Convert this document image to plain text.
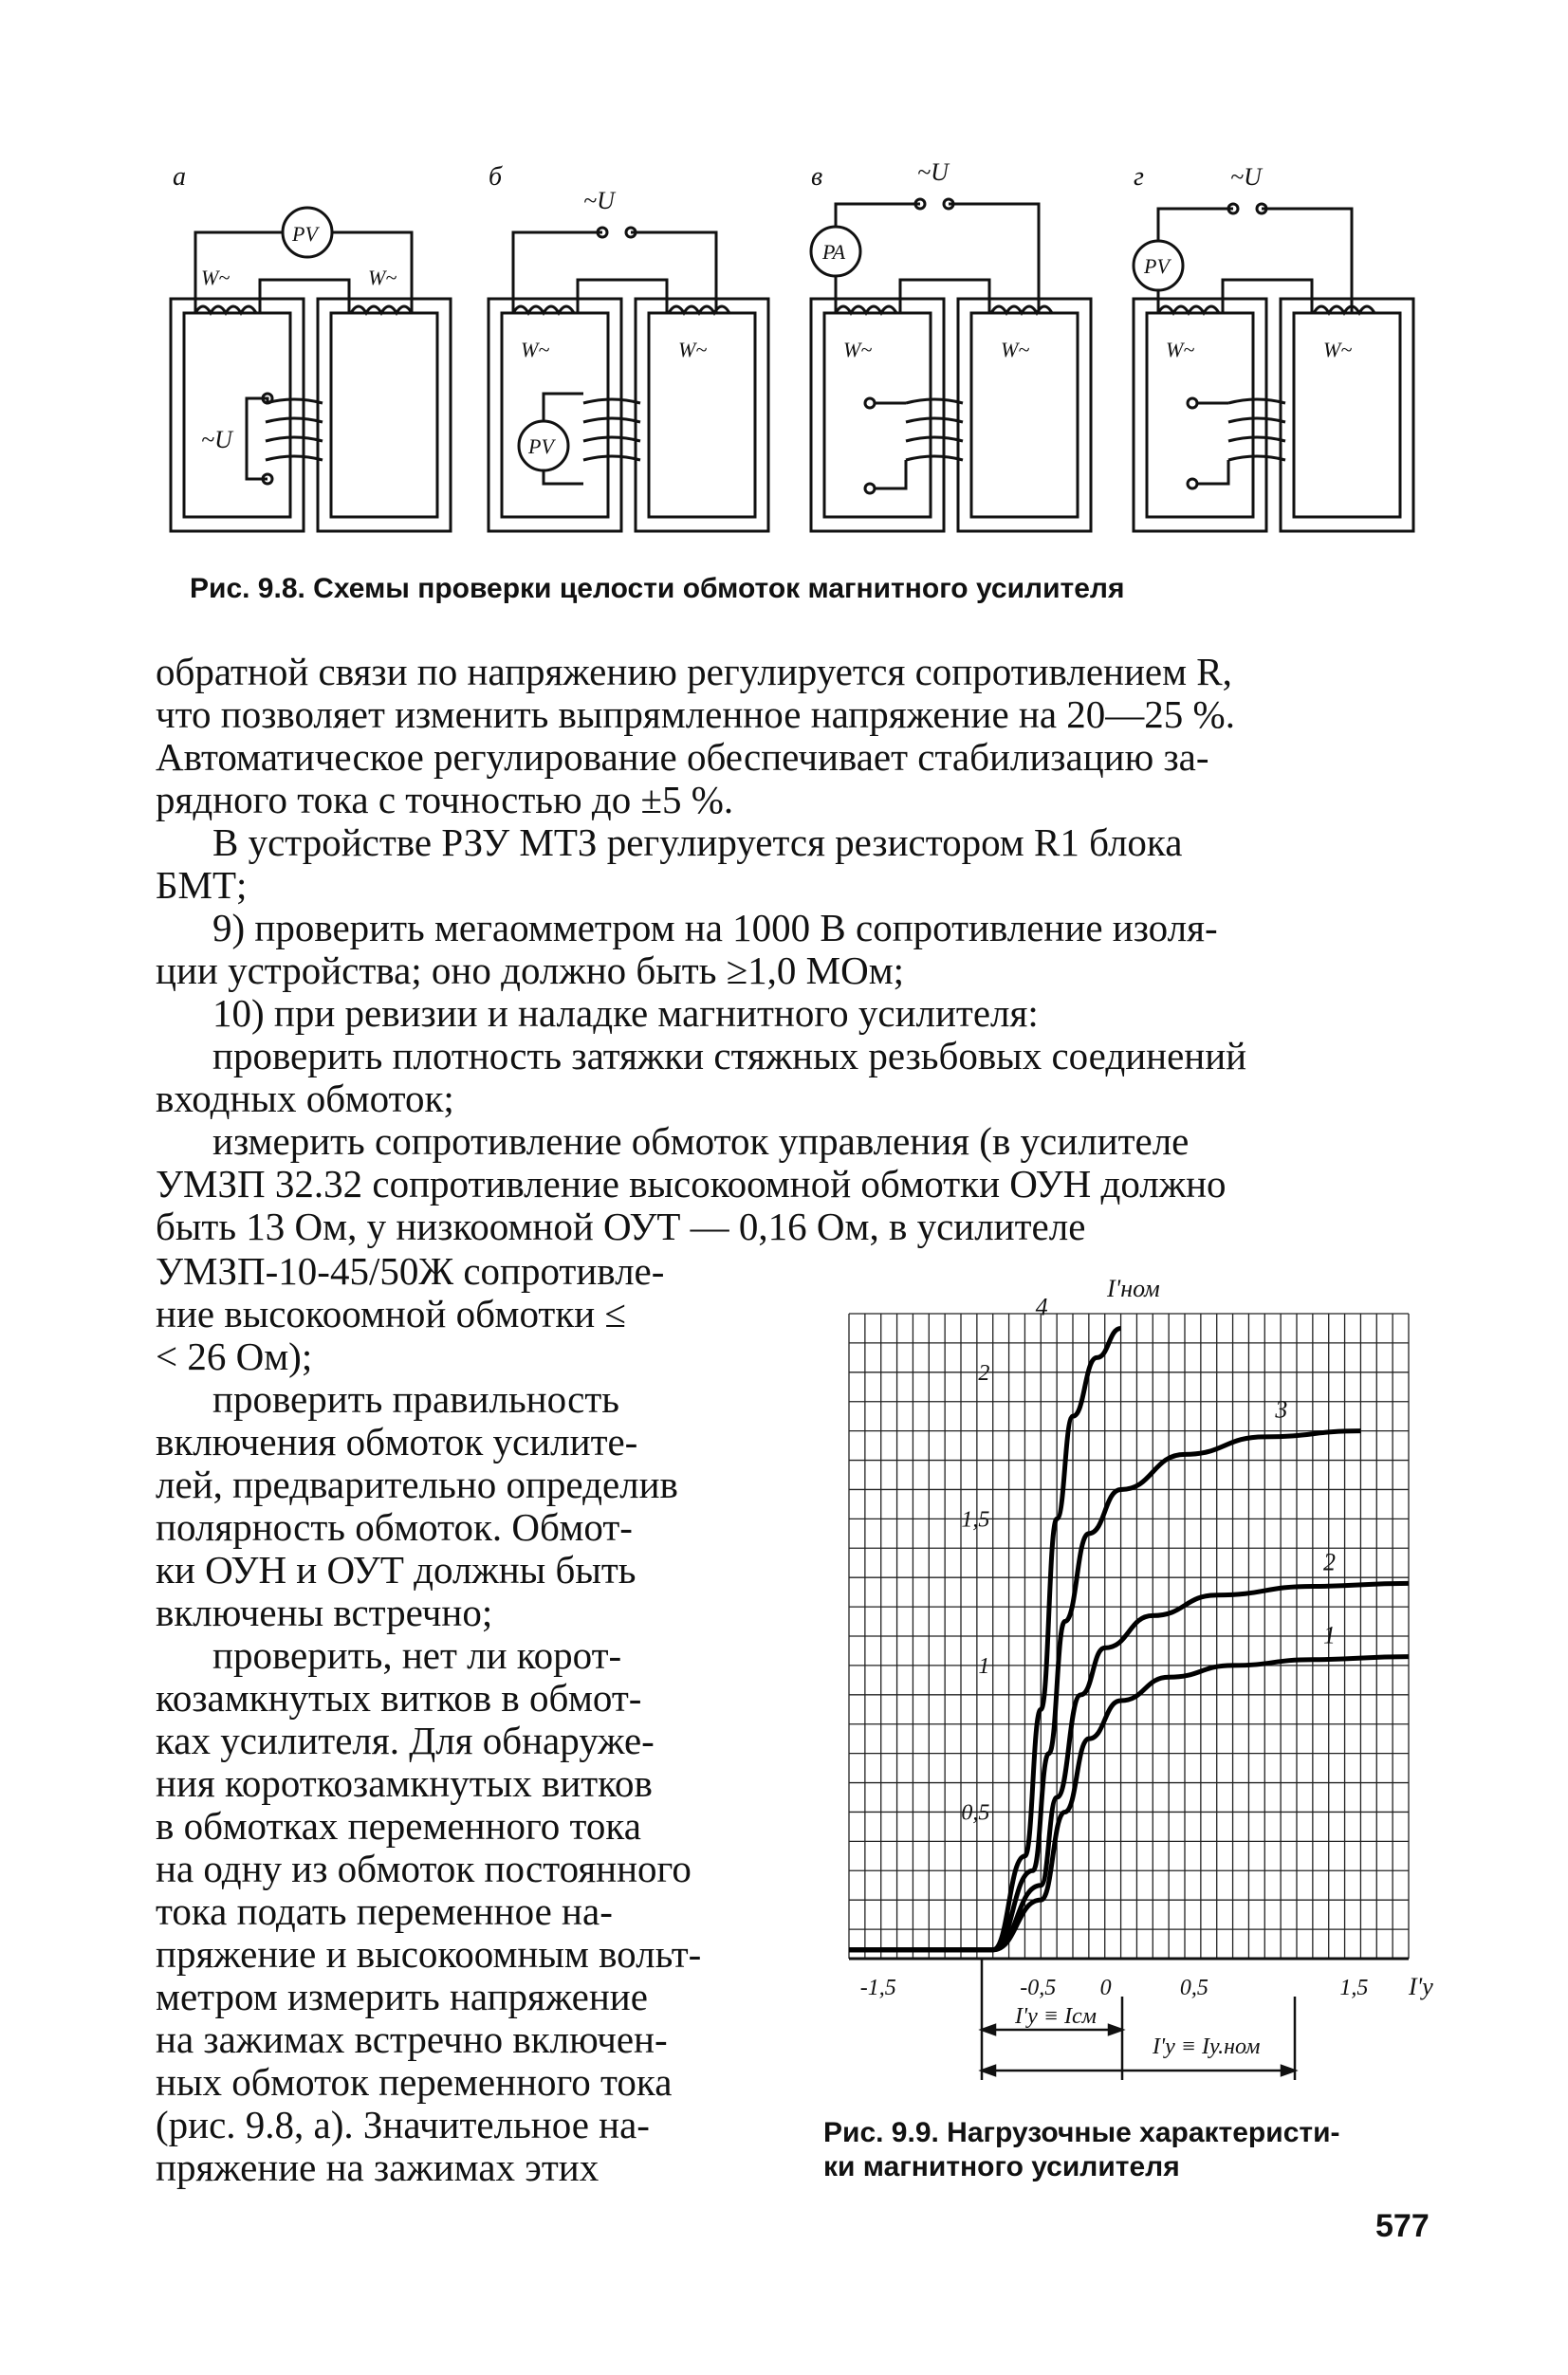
а
PV
W~	W~
~U
б
~U
W~	W~
PV
в
PA
~U
W~	W~
г
PV
~U
W~	W~
Рис. 9.8. Схемы проверки целости обмоток магнитного усилителя
обратной связи по напряжению регулируется сопротивлением R,
что позволяет изменить выпрямленное напряжение на 20—25 %.
Автоматическое регулирование обеспечивает стабилизацию за-
рядного тока с точностью до ±5 %.
В устройстве РЗУ МТЗ регулируется резистором R1 блока
БМТ;
9) проверить мегаомметром на 1000 В сопротивление изоля-
ции устройства; оно должно быть ≥1,0 МОм;
10) при ревизии и наладке магнитного усилителя:
проверить плотность затяжки стяжных резьбовых соединений
входных обмоток;
измерить сопротивление обмоток управления (в усилителе
УМЗП 32.32 сопротивление высокоомной обмотки ОУН должно
быть 13 Ом, у низкоомной ОУТ — 0,16 Ом, в усилителе
УМЗП-10-45/50Ж сопротивле-
ние высокоомной обмотки ≤
< 26 Ом);
проверить правильность
включения обмоток усилите-
лей, предварительно определив
полярность обмоток. Обмот-
ки ОУН и ОУТ должны быть
включены встречно;
проверить, нет ли корот-
козамкнутых витков в обмот-
ках усилителя. Для обнаруже-
ния короткозамкнутых витков
в обмотках переменного тока
на одну из обмоток постоянного
тока подать переменное на-
пряжение и высокоомным вольт-
метром измерить напряжение
на зажимах встречно включен-
ных обмоток переменного тока
(рис. 9.8, а). Значительное на-
пряжение на зажимах этих
1
2
3
4
-1,5	-0,5 0	0,5	1,5
0,5
1
1,5
2
I'ном
I'у
I'у ≡ Iсм
I'у ≡ Iу.ном
Рис. 9.9. Нагрузочные характеристи-
ки магнитного усилителя
577
